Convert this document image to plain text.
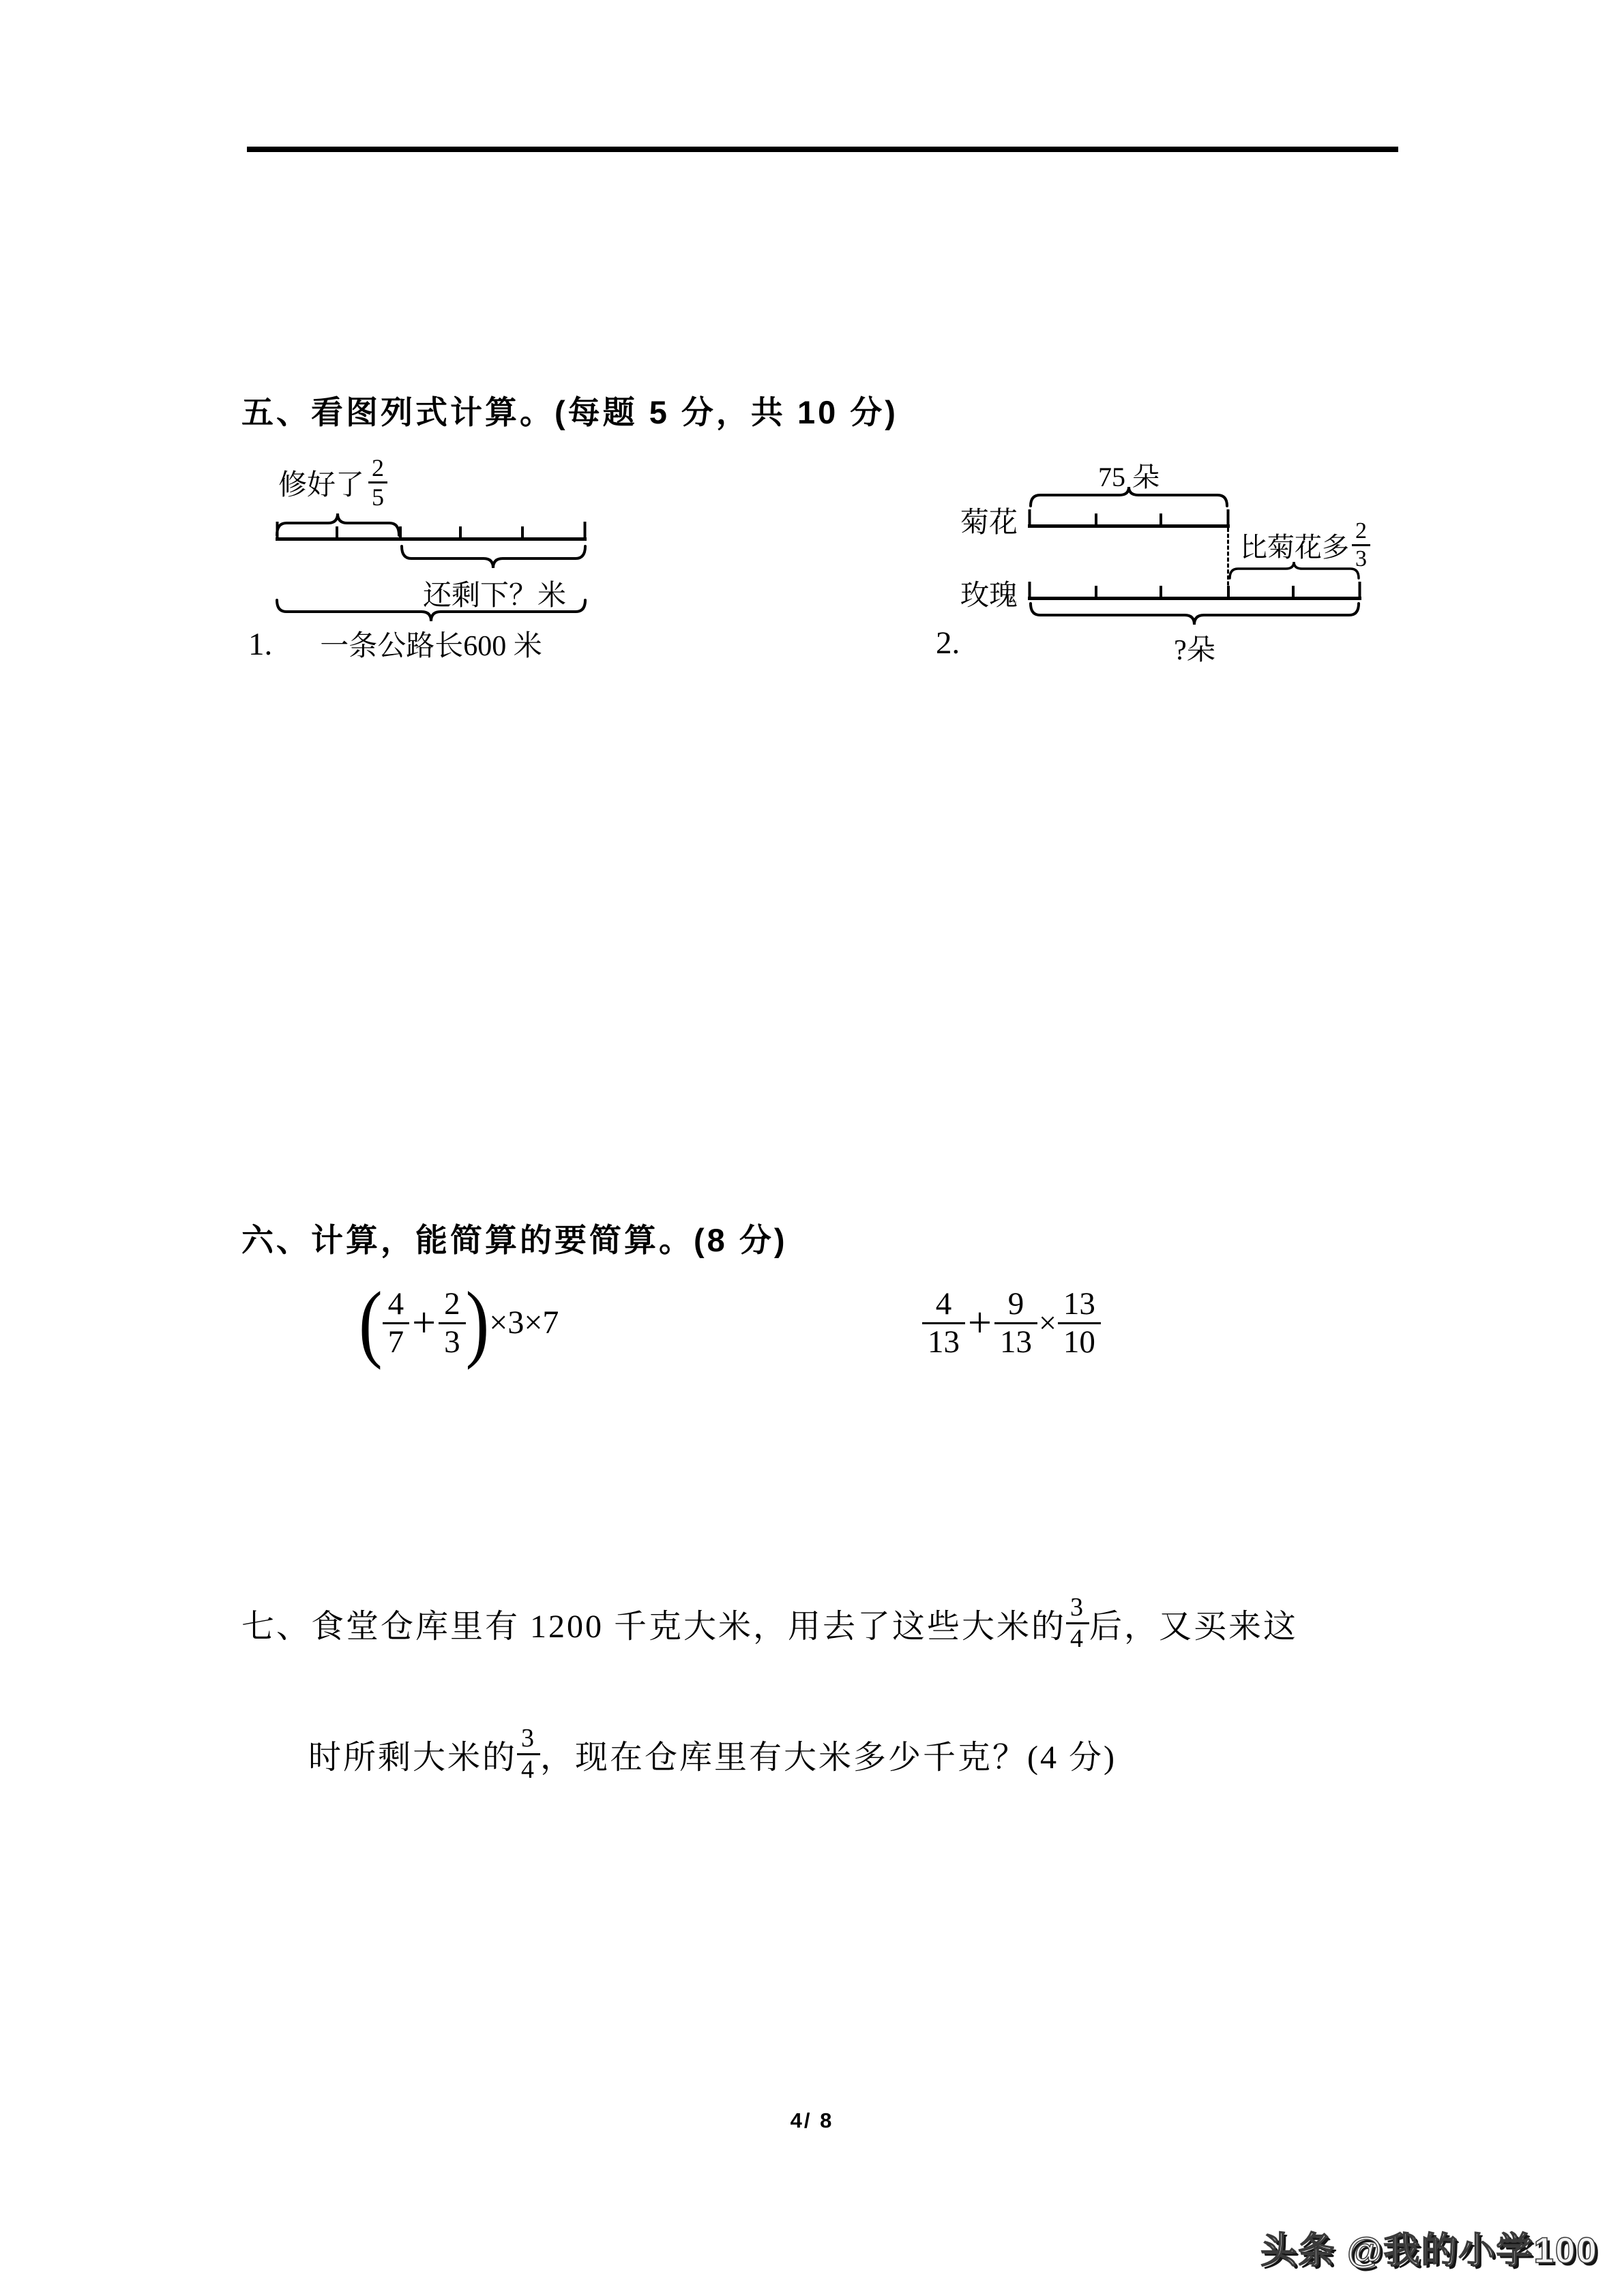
五、看图列式计算。(每题 5 分，共 10 分)
修好了 $\frac{2}{5}$
还剩下？米
一条公路长600 米
1.
75 朵
菊花
比菊花多 $\frac{2}{3}$
玫瑰
?朵
2.
六、计算，能简算的要简算。(8 分)
( $\frac{4}{7} + \frac{2}{3}$ ) ×3×7	$\frac{4}{13} + \frac{9}{13} \times \frac{13}{10}$
七、食堂仓库里有 1200 千克大米，用去了这些大米的 $\frac{3}{4}$ 后，又买来这
时所剩大米的 $\frac{3}{4}$ ，现在仓库里有大米多少千克？(4 分)
4/ 8
头条 @我的小学100
